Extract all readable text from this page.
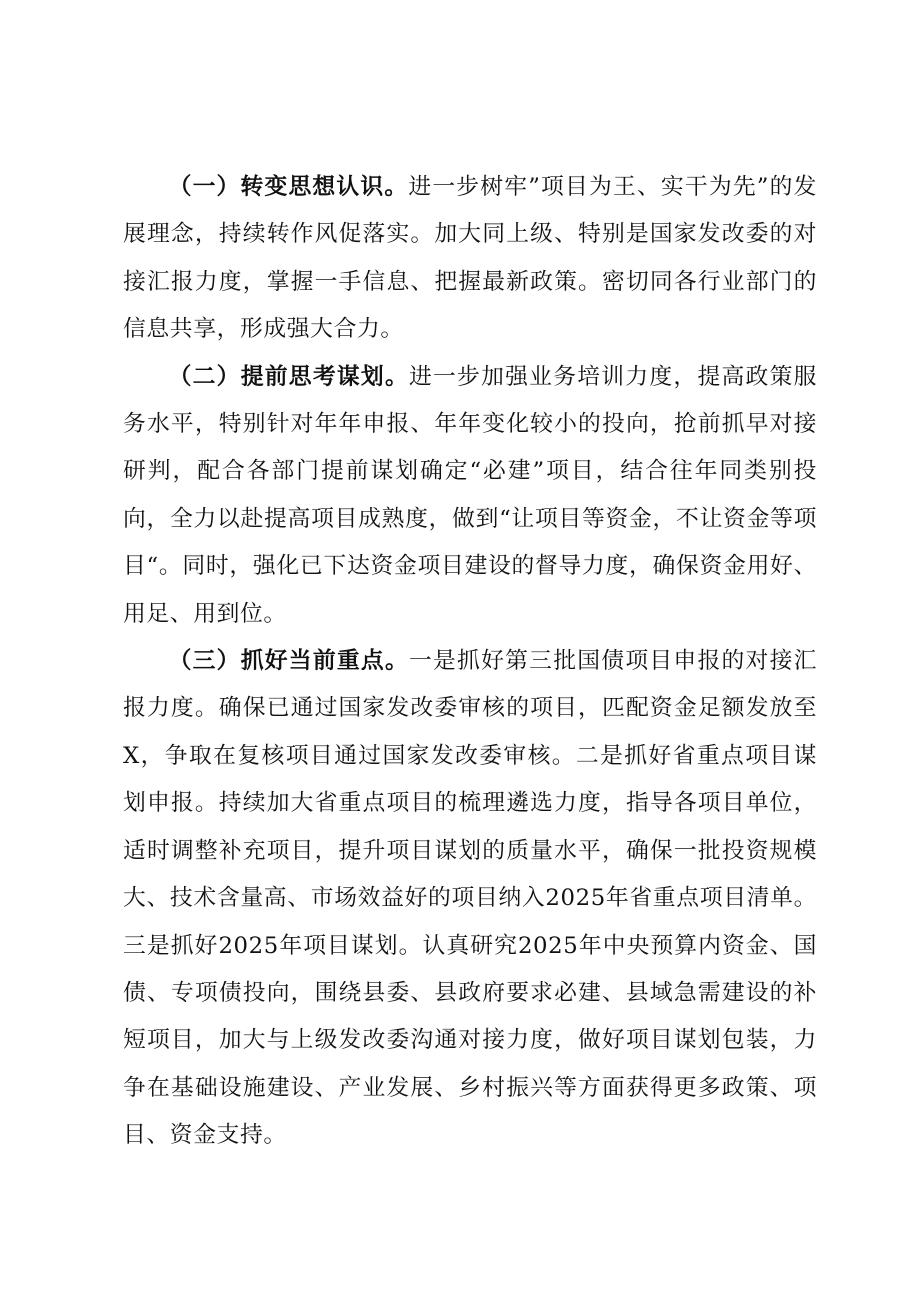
（一）转变思想认识。进一步树牢”项目为王、实干为先”的发展理念，持续转作风促落实。加大同上级、特别是国家发改委的对接汇报力度，掌握一手信息、把握最新政策。密切同各行业部门的信息共享，形成强大合力。

（二）提前思考谋划。进一步加强业务培训力度，提高政策服务水平，特别针对年年申报、年年变化较小的投向，抢前抓早对接研判，配合各部门提前谋划确定“必建”项目，结合往年同类别投向，全力以赴提高项目成熟度，做到“让项目等资金，不让资金等项目“。同时，强化已下达资金项目建设的督导力度，确保资金用好、用足、用到位。

（三）抓好当前重点。一是抓好第三批国债项目申报的对接汇报力度。确保已通过国家发改委审核的项目，匹配资金足额发放至X，争取在复核项目通过国家发改委审核。二是抓好省重点项目谋划申报。持续加大省重点项目的梳理遴选力度，指导各项目单位，适时调整补充项目，提升项目谋划的质量水平，确保一批投资规模大、技术含量高、市场效益好的项目纳入2025年省重点项目清单。三是抓好2025年项目谋划。认真研究2025年中央预算内资金、国债、专项债投向，围绕县委、县政府要求必建、县域急需建设的补短项目，加大与上级发改委沟通对接力度，做好项目谋划包装，力争在基础设施建设、产业发展、乡村振兴等方面获得更多政策、项目、资金支持。
